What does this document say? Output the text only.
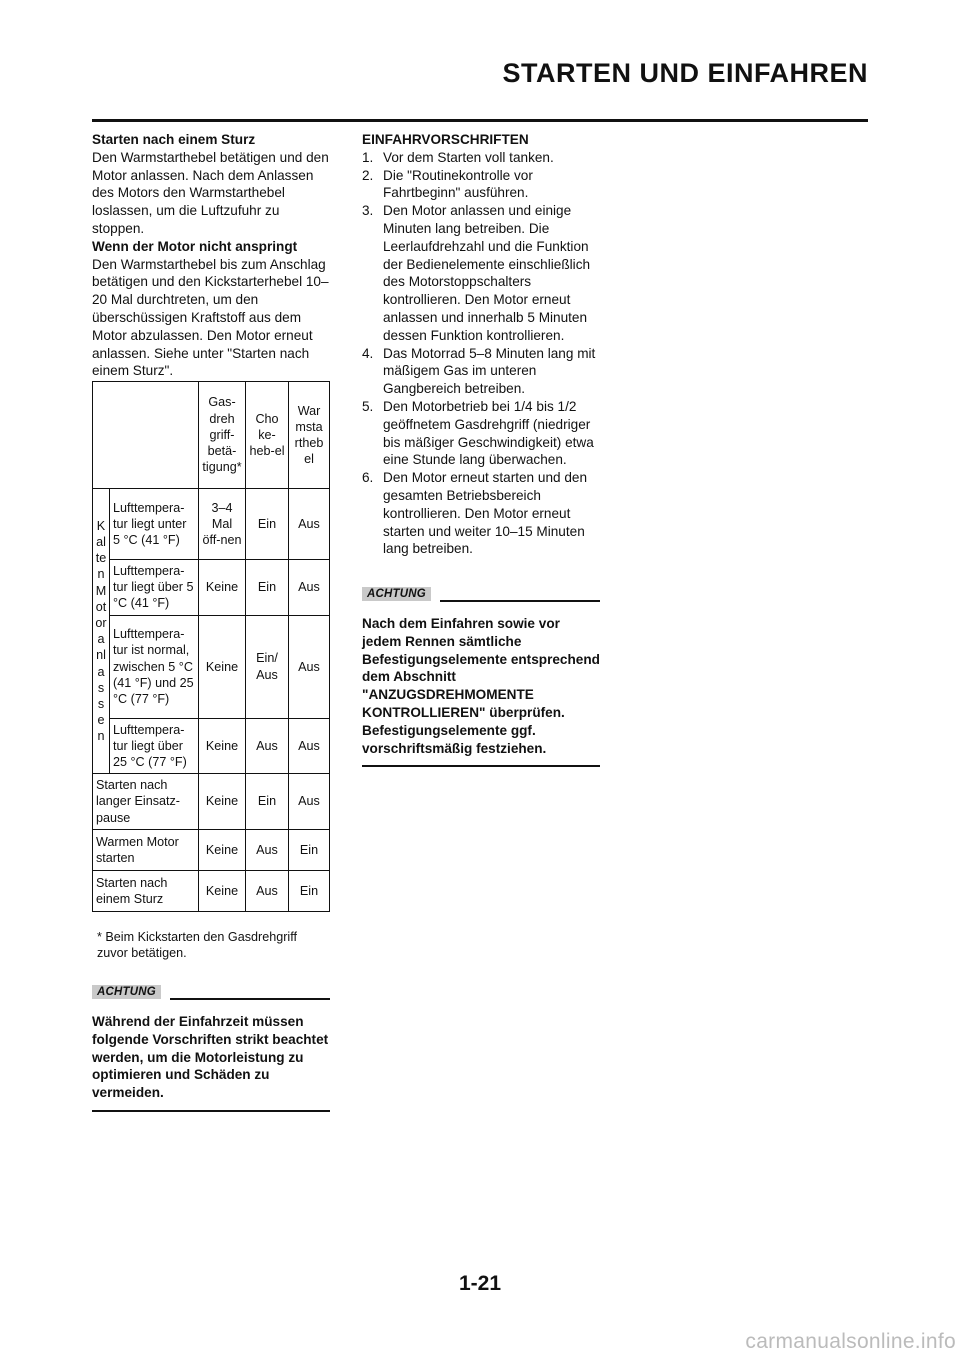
STARTEN UND EINFAHREN

Starten nach einem Sturz

Den Warmstarthebel betätigen und den Motor anlassen. Nach dem Anlassen des Motors den Warmstarthebel loslassen, um die Luftzufuhr zu stoppen.

Wenn der Motor nicht anspringt

Den Warmstarthebel bis zum Anschlag betätigen und den Kickstarterhebel 10–20 Mal durchtreten, um den überschüssigen Kraftstoff aus dem Motor abzulassen. Den Motor erneut anlassen. Siehe unter "Starten nach einem Sturz".

		Gas-dreh griff-betä-tigung*	Cho ke-heb-el	War msta rtheb el
Kalten Motor anlassen	Lufttempera-tur liegt unter 5 °C (41 °F)	3–4 Mal öff-nen	Ein	Aus
	Lufttempera-tur liegt über 5 °C (41 °F)	Keine	Ein	Aus
	Lufttempera-tur ist normal, zwischen 5 °C (41 °F) und 25 °C (77 °F)	Keine	Ein/ Aus	Aus
	Lufttempera-tur liegt über 25 °C (77 °F)	Keine	Aus	Aus
Starten nach langer Einsatz-pause		Keine	Ein	Aus
Warmen Motor starten		Keine	Aus	Ein
Starten nach einem Sturz		Keine	Aus	Ein
* Beim Kickstarten den Gasdrehgriff zuvor betätigen.
ACHTUNG

Während der Einfahrzeit müssen folgende Vorschriften strikt beachtet werden, um die Motorleistung zu optimieren und Schäden zu vermeiden.

EINFAHRVORSCHRIFTEN

1. Vor dem Starten voll tanken.
2. Die "Routinekontrolle vor Fahrtbeginn" ausführen.
3. Den Motor anlassen und einige Minuten lang betreiben. Die Leerlaufdrehzahl und die Funktion der Bedienelemente einschließlich des Motorstoppschalters kontrollieren. Den Motor erneut anlassen und innerhalb 5 Minuten dessen Funktion kontrollieren.
4. Das Motorrad 5–8 Minuten lang mit mäßigem Gas im unteren Gangbereich betreiben.
5. Den Motorbetrieb bei 1/4 bis 1/2 geöffnetem Gasdrehgriff (niedriger bis mäßiger Geschwindigkeit) etwa eine Stunde lang überwachen.
6. Den Motor erneut starten und den gesamten Betriebsbereich kontrollieren. Den Motor erneut starten und weiter 10–15 Minuten lang betreiben.
ACHTUNG

Nach dem Einfahren sowie vor jedem Rennen sämtliche Befestigungselemente entsprechend dem Abschnitt "ANZUGSDREHMOMENTE KONTROLLIEREN" überprüfen. Befestigungselemente ggf. vorschriftsmäßig festziehen.

1-21
carmanualsonline.info
